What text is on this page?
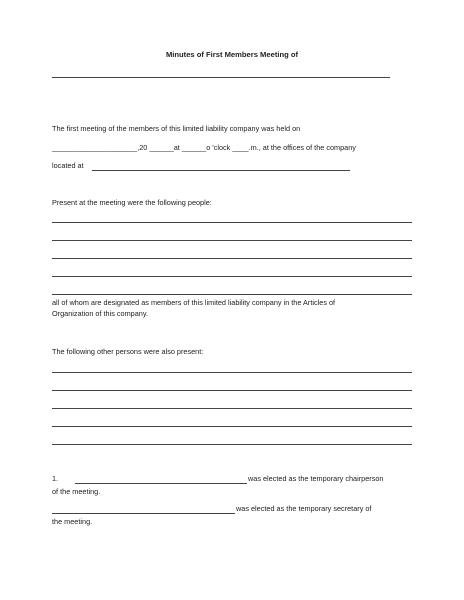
Minutes of First Members Meeting of
The first meeting of the members of this limited liability company was held on
_____________________,20 ______at ______o 'clock ____.m., at the offices of the company
located at
Present at the meeting were the following people:
all of whom are designated as members of this limited liability company in the Articles of
Organization of this company.
The following other persons were also present:
1.	was elected as the temporary chairperson
of the meeting.
was elected as the temporary secretary of
the meeting.
